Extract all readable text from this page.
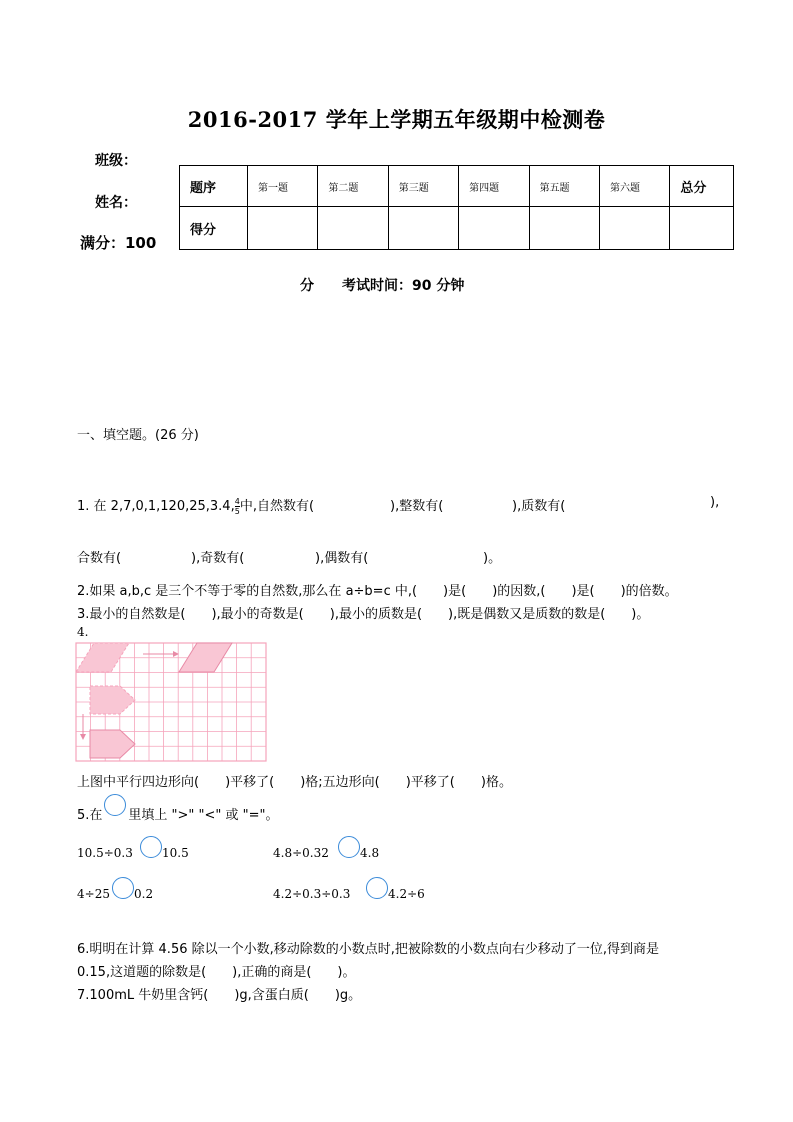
2016-2017 学年上学期五年级期中检测卷
班级：
姓名：
满分：100
题序	第一题	第二题	第三题	第四题	第五题	第六题	总分
得分							
分　　考试时间：90 分钟
一、填空题。(26 分)
1. 在 2,7,0,1,120,25,3.4, $\frac{4}{5}$ 中,自然数有(	),整数有(	),质数有(	),
合数有(	),奇数有(	),偶数有(	)。
2.如果 a,b,c 是三个不等于零的自然数,那么在 a÷b=c 中,(　　)是(　　)的因数,(　　)是(　　)的倍数。
3.最小的自然数是(　　),最小的奇数是(　　),最小的质数是(　　),既是偶数又是质数的数是(　　)。
4.
上图中平行四边形向(　　)平移了(　　)格;五边形向(　　)平移了(　　)格。
5.在 里填上 ">" "<" 或 "="。
10.5÷0.3 10.5	4.8÷0.32	4.8
4÷25 0.2	4.2÷0.3÷0.3	4.2÷6
6.明明在计算 4.56 除以一个小数,移动除数的小数点时,把被除数的小数点向右少移动了一位,得到商是
0.15,这道题的除数是(　　),正确的商是(　　)。
7.100mL 牛奶里含钙(　　)g,含蛋白质(　　)g。
